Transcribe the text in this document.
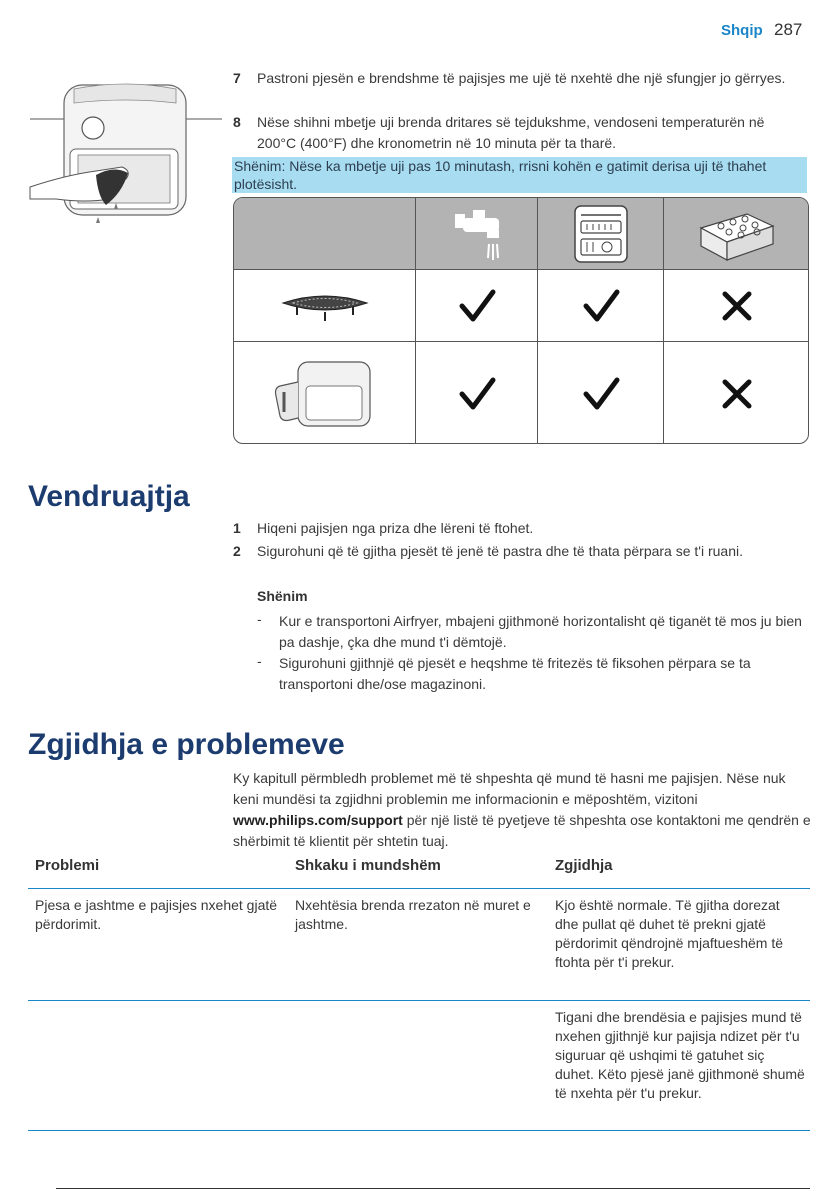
Shqip 287
7 Pastroni pjesën e brendshme të pajisjes me ujë të nxehtë dhe një sfungjer jo gërryes.
8 Nëse shihni mbetje uji brenda dritares së tejdukshme, vendoseni temperaturën në 200°C (400°F) dhe kronometrin në 10 minuta për ta tharë.
Shënim: Nëse ka mbetje uji pas 10 minutash, rrisni kohën e gatimit derisa uji të thahet plotësisht.
Vendruajtja
1 Hiqeni pajisjen nga priza dhe lëreni të ftohet.
2 Sigurohuni që të gjitha pjesët të jenë të pastra dhe të thata përpara se t'i ruani.
Shënim
- Kur e transportoni Airfryer, mbajeni gjithmonë horizontalisht që tiganët të mos ju bien pa dashje, çka dhe mund t'i dëmtojë.
- Sigurohuni gjithnjë që pjesët e heqshme të fritezës të fiksohen përpara se ta transportoni dhe/ose magazinoni.
Zgjidhja e problemeve
Ky kapitull përmbledh problemet më të shpeshta që mund të hasni me pajisjen. Nëse nuk keni mundësi ta zgjidhni problemin me informacionin e mëposhtëm, vizitoni www.philips.com/support për një listë të pyetjeve të shpeshta ose kontaktoni me qendrën e shërbimit të klientit për shtetin tuaj.
Problemi	Shkaku i mundshëm	Zgjidhja
Pjesa e jashtme e pajisjes nxehet gjatë përdorimit.
Nxehtësia brenda rrezaton në muret e jashtme.
Kjo është normale. Të gjitha dorezat dhe pullat që duhet të prekni gjatë përdorimit qëndrojnë mjaftueshëm të ftohta për t'i prekur.
Tigani dhe brendësia e pajisjes mund të nxehen gjithnjë kur pajisja ndizet për t'u siguruar që ushqimi të gatuhet siç duhet. Këto pjesë janë gjithmonë shumë të nxehta për t'u prekur.
